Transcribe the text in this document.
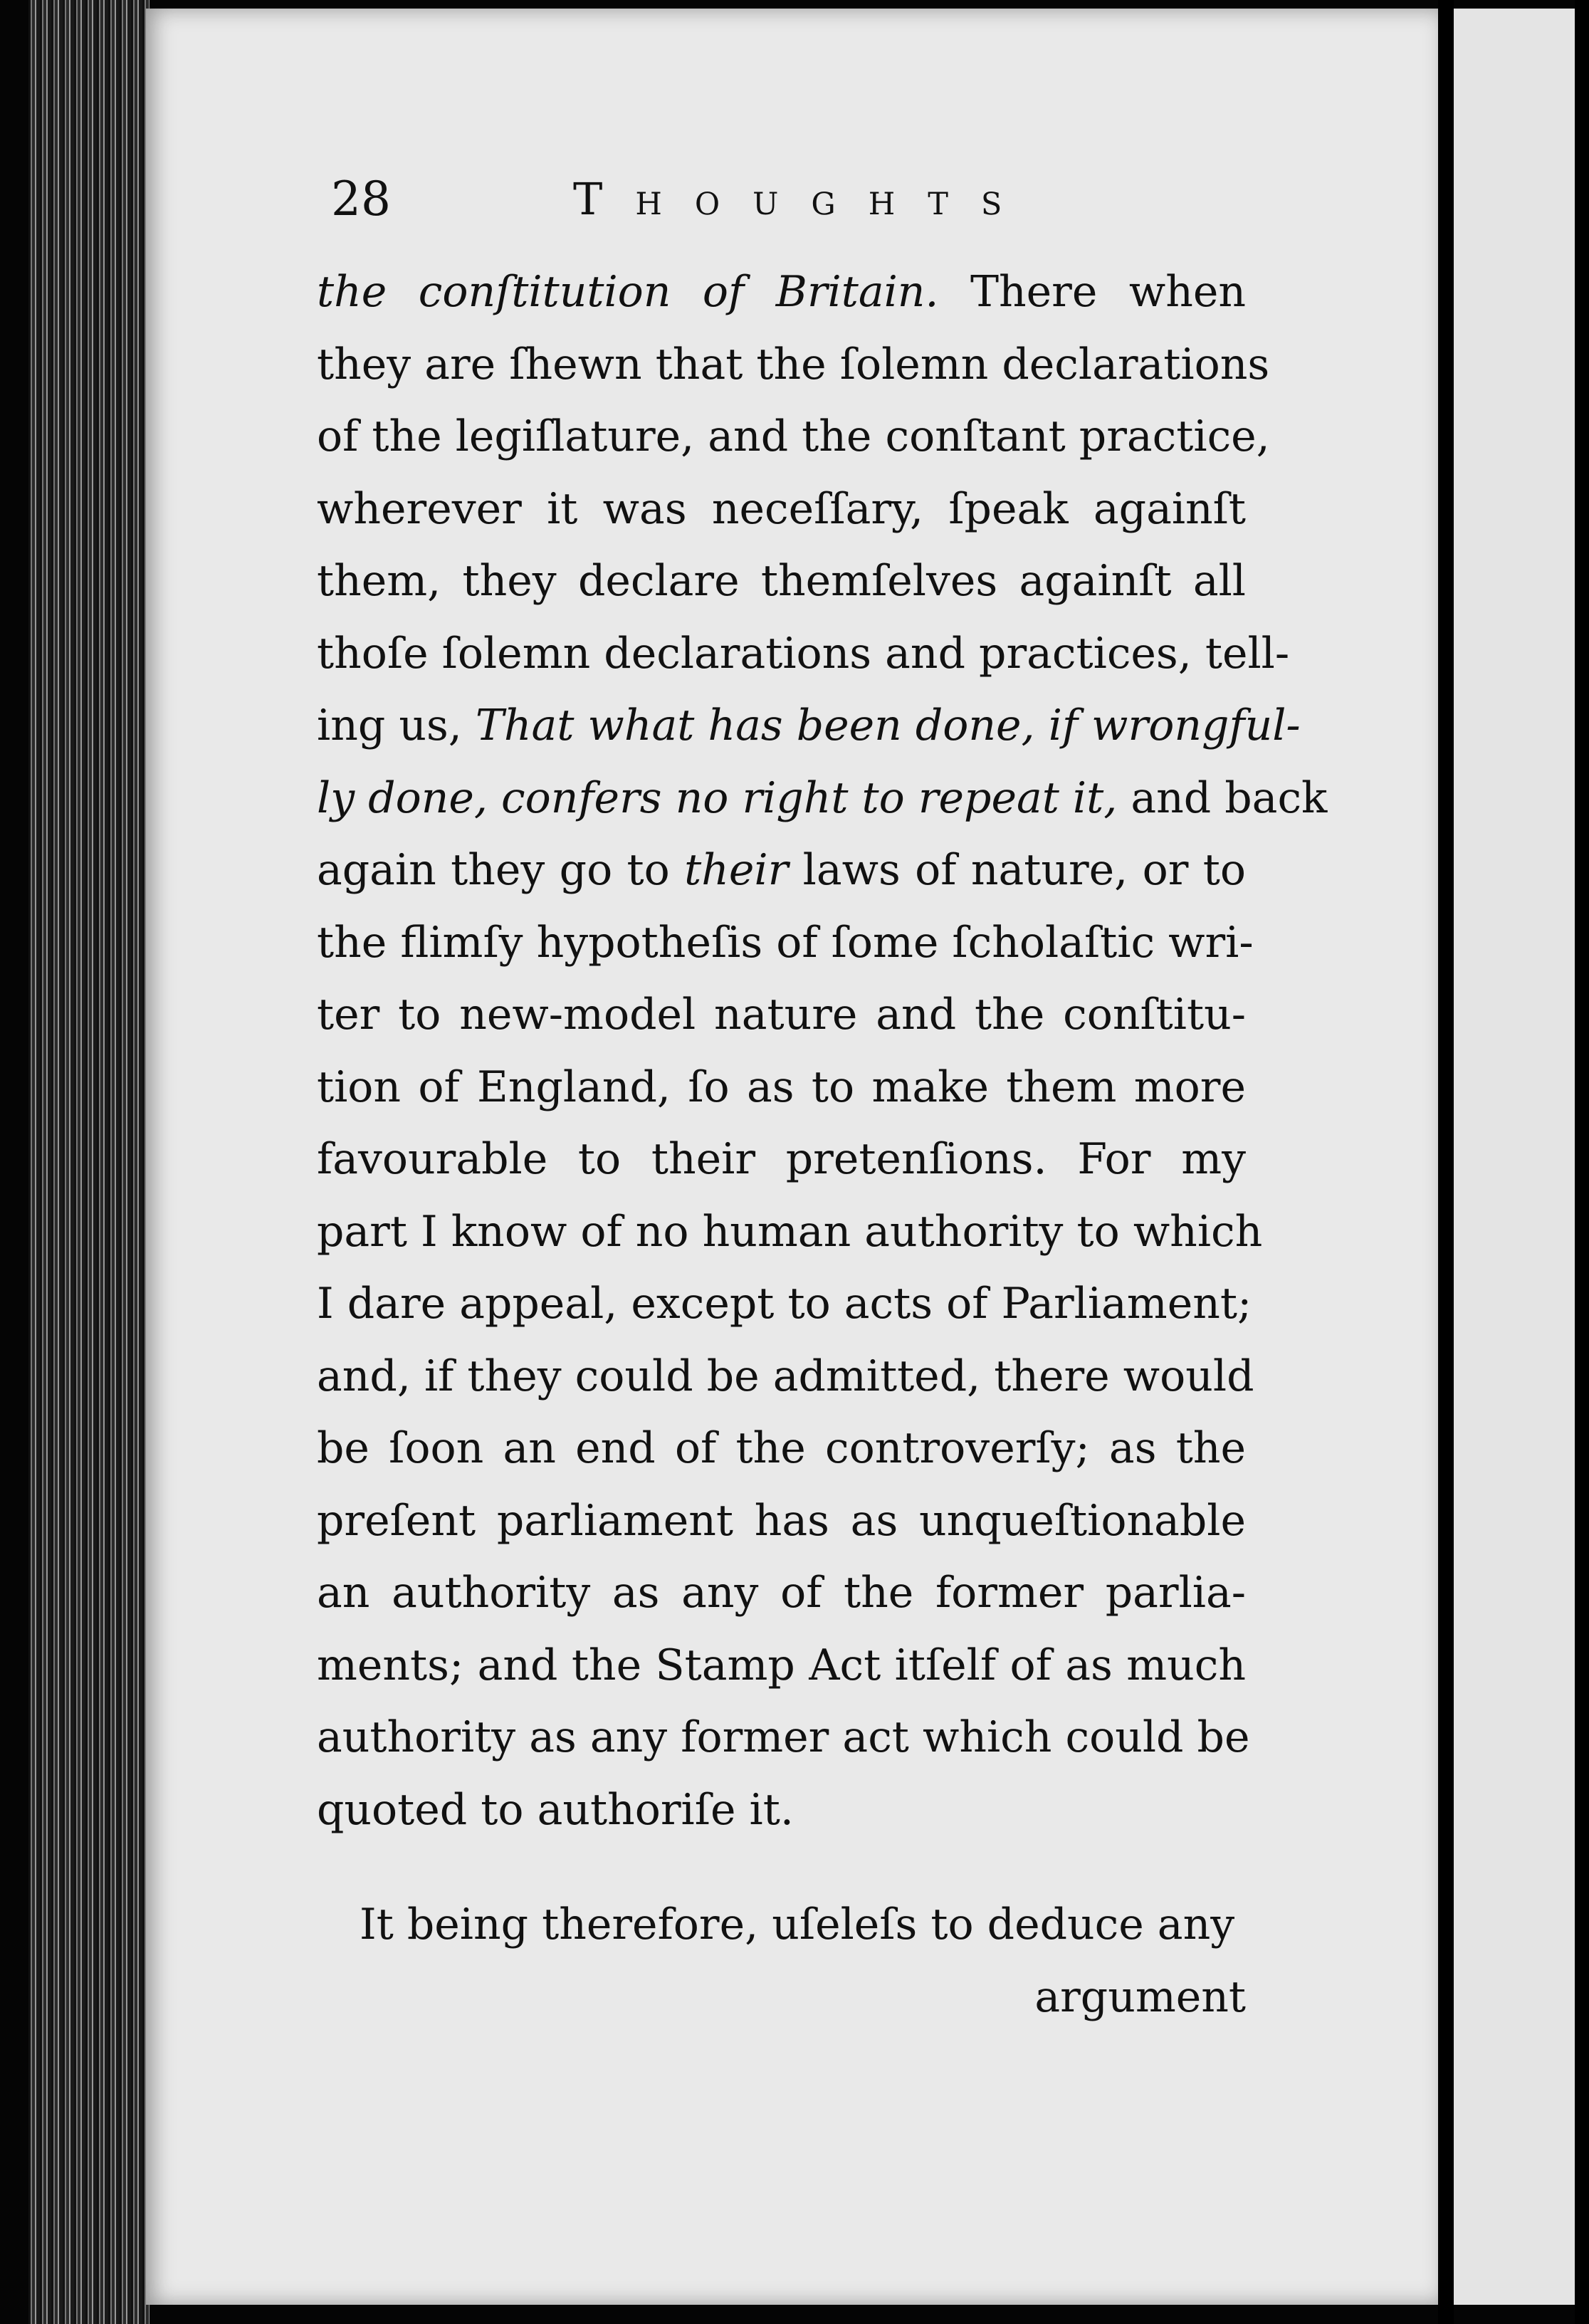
28	Thoughts
the conſtitution of Britain. There when
they are ſhewn that the ſolemn declarations
of the legiſlature, and the conſtant practice,
wherever it was neceſſary, ſpeak againſt
them, they declare themſelves againſt all
thoſe ſolemn declarations and practices, tell-
ing us, That what has been done, if wrongful-
ly done, confers no right to repeat it, and back
again they go to their laws of nature, or to
the flimſy hypotheſis of ſome ſcholaſtic wri-
ter to new-model nature and the conſtitu-
tion of England, ſo as to make them more
favourable to their pretenſions. For my
part I know of no human authority to which
I dare appeal, except to acts of Parliament;
and, if they could be admitted, there would
be ſoon an end of the controverſy; as the
preſent parliament has as unqueſtionable
an authority as any of the former parlia-
ments; and the Stamp Act itſelf of as much
authority as any former act which could be
quoted to authoriſe it.
It being therefore, uſeleſs to deduce any
argument
